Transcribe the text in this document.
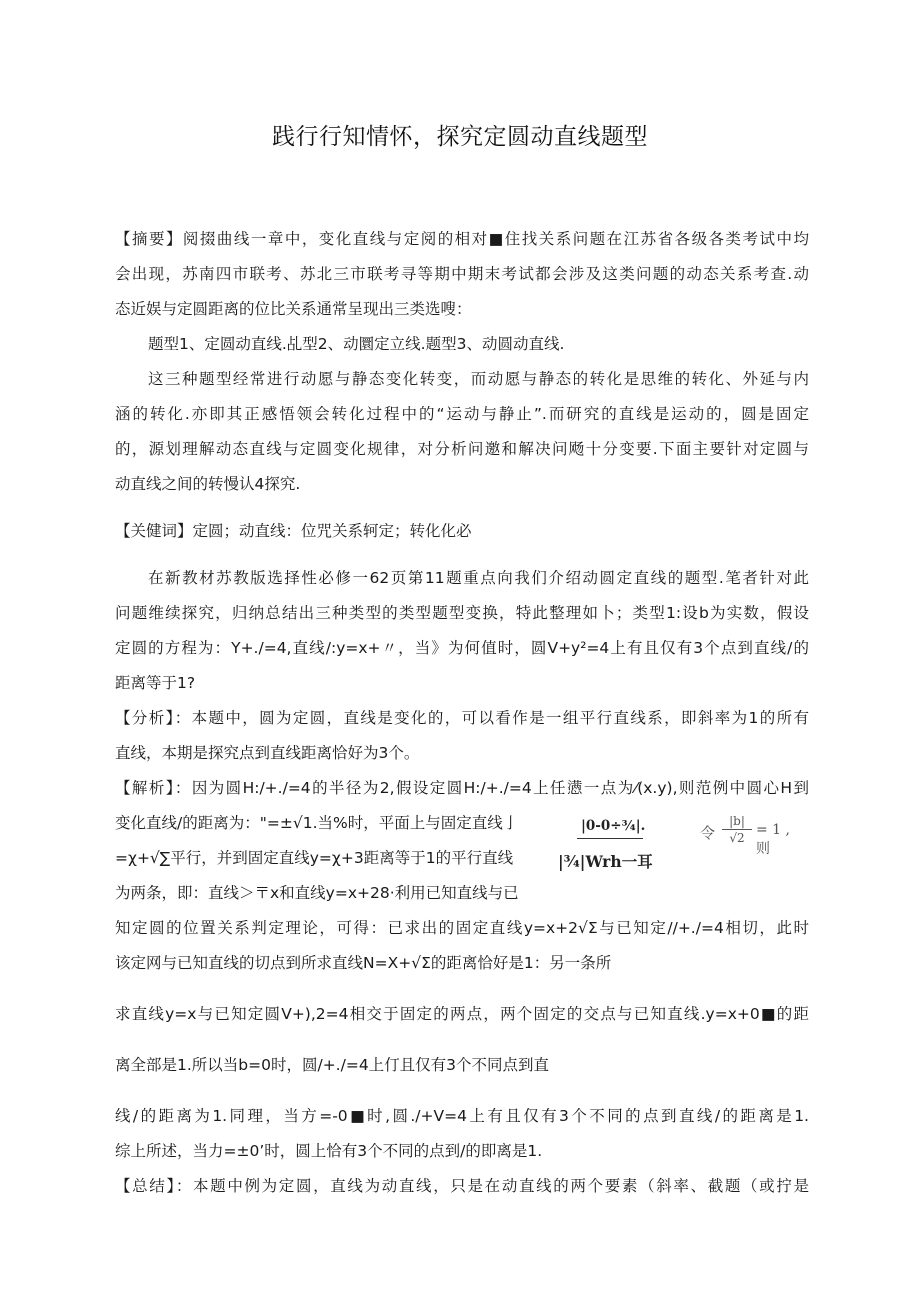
践行行知情怀，探究定圆动直线题型
【摘要】阅掇曲线一章中，变化直线与定阅的相对■住找关系问题在江苏省各级各类考试中均
会出现，苏南四市联考、苏北三市联考寻等期中期末考试都会涉及这类问题的动态关系考查.动
态近娱与定圆距离的位比关系通常呈现出三类选嗖：
题型1、定圆动直线.乩型2、动圜定立线.题型3、动圆动直线.
这三种题型经常进行动愿与静态变化转变，而动愿与静态的转化是思维的转化、外延与内
涵的转化.亦即其正感悟领会转化过程中的“运动与静止”.而研究的直线是运动的，圆是固定
的，源划理解动态直线与定圆变化规律，对分析问邀和解决问飏十分变要.下面主要针对定圆与
动直线之间的转慢认4探究.
【关健词】定圆；动直线：位咒关系轲定；转化化必
在新教材苏教版选择性必修一62页第11题重点向我们介绍动圆定直线的题型.笔者针对此
问题维续探究，归纳总结出三种类型的类型题型变换，特此整理如卜；类型1:设b为实数，假设
定圆的方程为：Y+./=4,直线/:y=x+〃，当》为何值时，圆V+y²=4上有且仅有3个点到直线/的
距离等于1?
【分析】：本题中，圆为定圆，直线是变化的，可以看作是一组平行直线系，即斜率为1的所有
直线，本期是探究点到直线距离恰好为3个。
【解析】：因为圆H:/+./=4的半径为2,假设定圆H:/+./=4上任懑一点为⁄(x.y),则范例中圆心H到
变化直线/的距离为："=±√1.当%时，平面上与固定直线亅
=χ+√∑平行，并到固定直线y=χ+3距离等于1的平行直线
为两条，即：直线＞〒x和直线y=x+28·利用已知直线与已
|0-0÷¾|.
|¾|Wrh一耳
令 $\frac{|b|}{√2} = 1$ , 则
知定圆的位置关系判定理论，可得：已求出的固定直线y=x+2√Σ与已知定//+./=4相切，此时
该定网与已知直线的切点到所求直线N=X+√Σ的距离恰好是1：另一条所
求直线y=x与已知定圆V+),2=4相交于固定的两点，两个固定的交点与已知直线.y=x+0■的距
离全部是1.所以当b=0时，圆/+./=4上仃且仅有3个不同点到直
线/的距离为1.同理，当方=-0■时,圆./+V=4上有且仅有3个不同的点到直线/的距离是1.
综上所述，当力=±0’时，圆上恰有3个不同的点到/的即离是1.
【总结】：本题中例为定圆，直线为动直线，只是在动直线的两个要素（斜率、截题（或拧是
